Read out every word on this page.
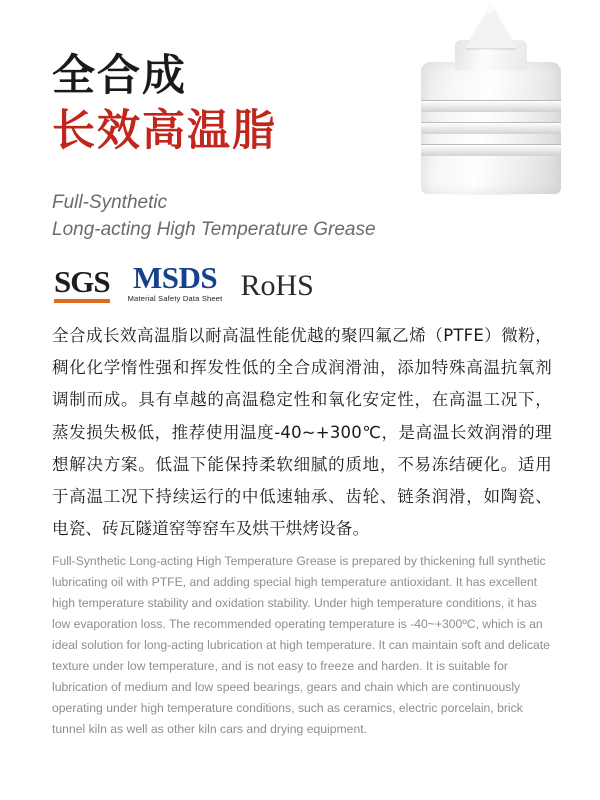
全合成
长效高温脂
Full-Synthetic
Long-acting High Temperature Grease
SGS MSDS
Material Safety Data Sheet RoHS
全合成长效高温脂以耐高温性能优越的聚四氟乙烯（PTFE）微粉，稠化化学惰性强和挥发性低的全合成润滑油，添加特殊高温抗氧剂调制而成。具有卓越的高温稳定性和氧化安定性，在高温工况下，蒸发损失极低，推荐使用温度-40~+300℃，是高温长效润滑的理想解决方案。低温下能保持柔软细腻的质地，不易冻结硬化。适用于高温工况下持续运行的中低速轴承、齿轮、链条润滑，如陶瓷、电瓷、砖瓦隧道窑等窑车及烘干烘烤设备。
Full-Synthetic Long-acting High Temperature Grease is prepared by thickening full synthetic lubricating oil with PTFE, and adding special high temperature antioxidant. It has excellent high temperature stability and oxidation stability. Under high temperature conditions, it has low evaporation loss. The recommended operating temperature is -40~+300ºC, which is an ideal solution for long-acting lubrication at high temperature. It can maintain soft and delicate texture under low temperature, and is not easy to freeze and harden. It is suitable for lubrication of medium and low speed bearings, gears and chain which are continuously operating under high temperature conditions, such as ceramics, electric porcelain, brick tunnel kiln as well as other kiln cars and drying equipment.
